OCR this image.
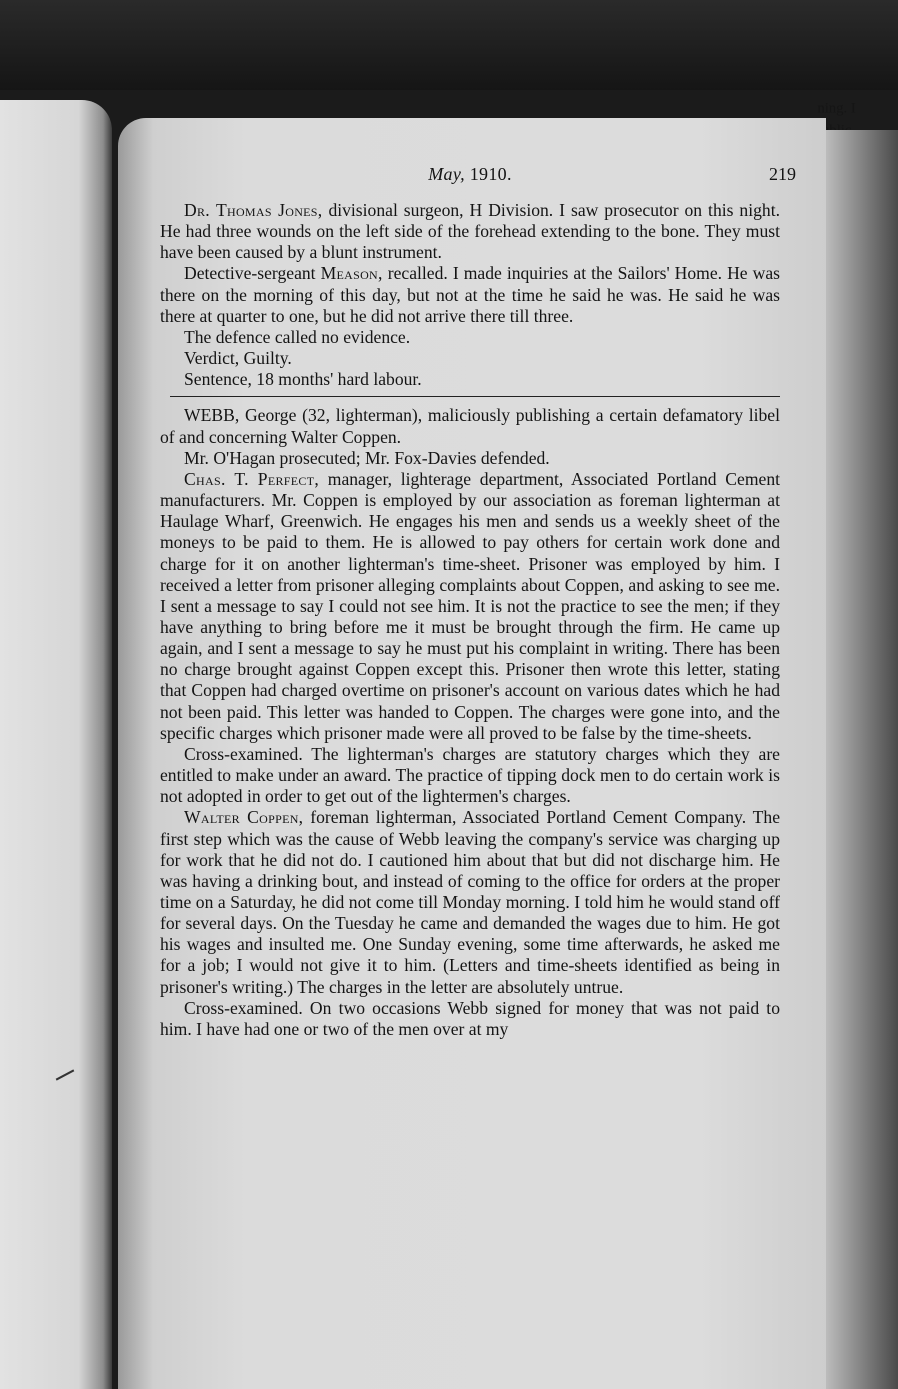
ning. I
May, 1910.	219

Dr. Thomas Jones, divisional surgeon, H Division. I saw prosecutor on this night. He had three wounds on the left side of the forehead extending to the bone. They must have been caused by a blunt instrument.

Detective-sergeant Meason, recalled. I made inquiries at the Sailors' Home. He was there on the morning of this day, but not at the time he said he was. He said he was there at quarter to one, but he did not arrive there till three.

The defence called no evidence.

Verdict, Guilty.

Sentence, 18 months' hard labour.

WEBB, George (32, lighterman), maliciously publishing a certain defamatory libel of and concerning Walter Coppen.

Mr. O'Hagan prosecuted; Mr. Fox-Davies defended.

Chas. T. Perfect, manager, lighterage department, Associated Portland Cement manufacturers. Mr. Coppen is employed by our association as foreman lighterman at Haulage Wharf, Greenwich. He engages his men and sends us a weekly sheet of the moneys to be paid to them. He is allowed to pay others for certain work done and charge for it on another lighterman's time-sheet. Prisoner was employed by him. I received a letter from prisoner alleging complaints about Coppen, and asking to see me. I sent a message to say I could not see him. It is not the practice to see the men; if they have anything to bring before me it must be brought through the firm. He came up again, and I sent a message to say he must put his complaint in writing. There has been no charge brought against Coppen except this. Prisoner then wrote this letter, stating that Coppen had charged overtime on prisoner's account on various dates which he had not been paid. This letter was handed to Coppen. The charges were gone into, and the specific charges which prisoner made were all proved to be false by the time-sheets.

Cross-examined. The lighterman's charges are statutory charges which they are entitled to make under an award. The practice of tipping dock men to do certain work is not adopted in order to get out of the lightermen's charges.

Walter Coppen, foreman lighterman, Associated Portland Cement Company. The first step which was the cause of Webb leaving the company's service was charging up for work that he did not do. I cautioned him about that but did not discharge him. He was having a drinking bout, and instead of coming to the office for orders at the proper time on a Saturday, he did not come till Monday morning. I told him he would stand off for several days. On the Tuesday he came and demanded the wages due to him. He got his wages and insulted me. One Sunday evening, some time afterwards, he asked me for a job; I would not give it to him. (Letters and time-sheets identified as being in prisoner's writing.) The charges in the letter are absolutely untrue.

Cross-examined. On two occasions Webb signed for money that was not paid to him. I have had one or two of the men over at my
